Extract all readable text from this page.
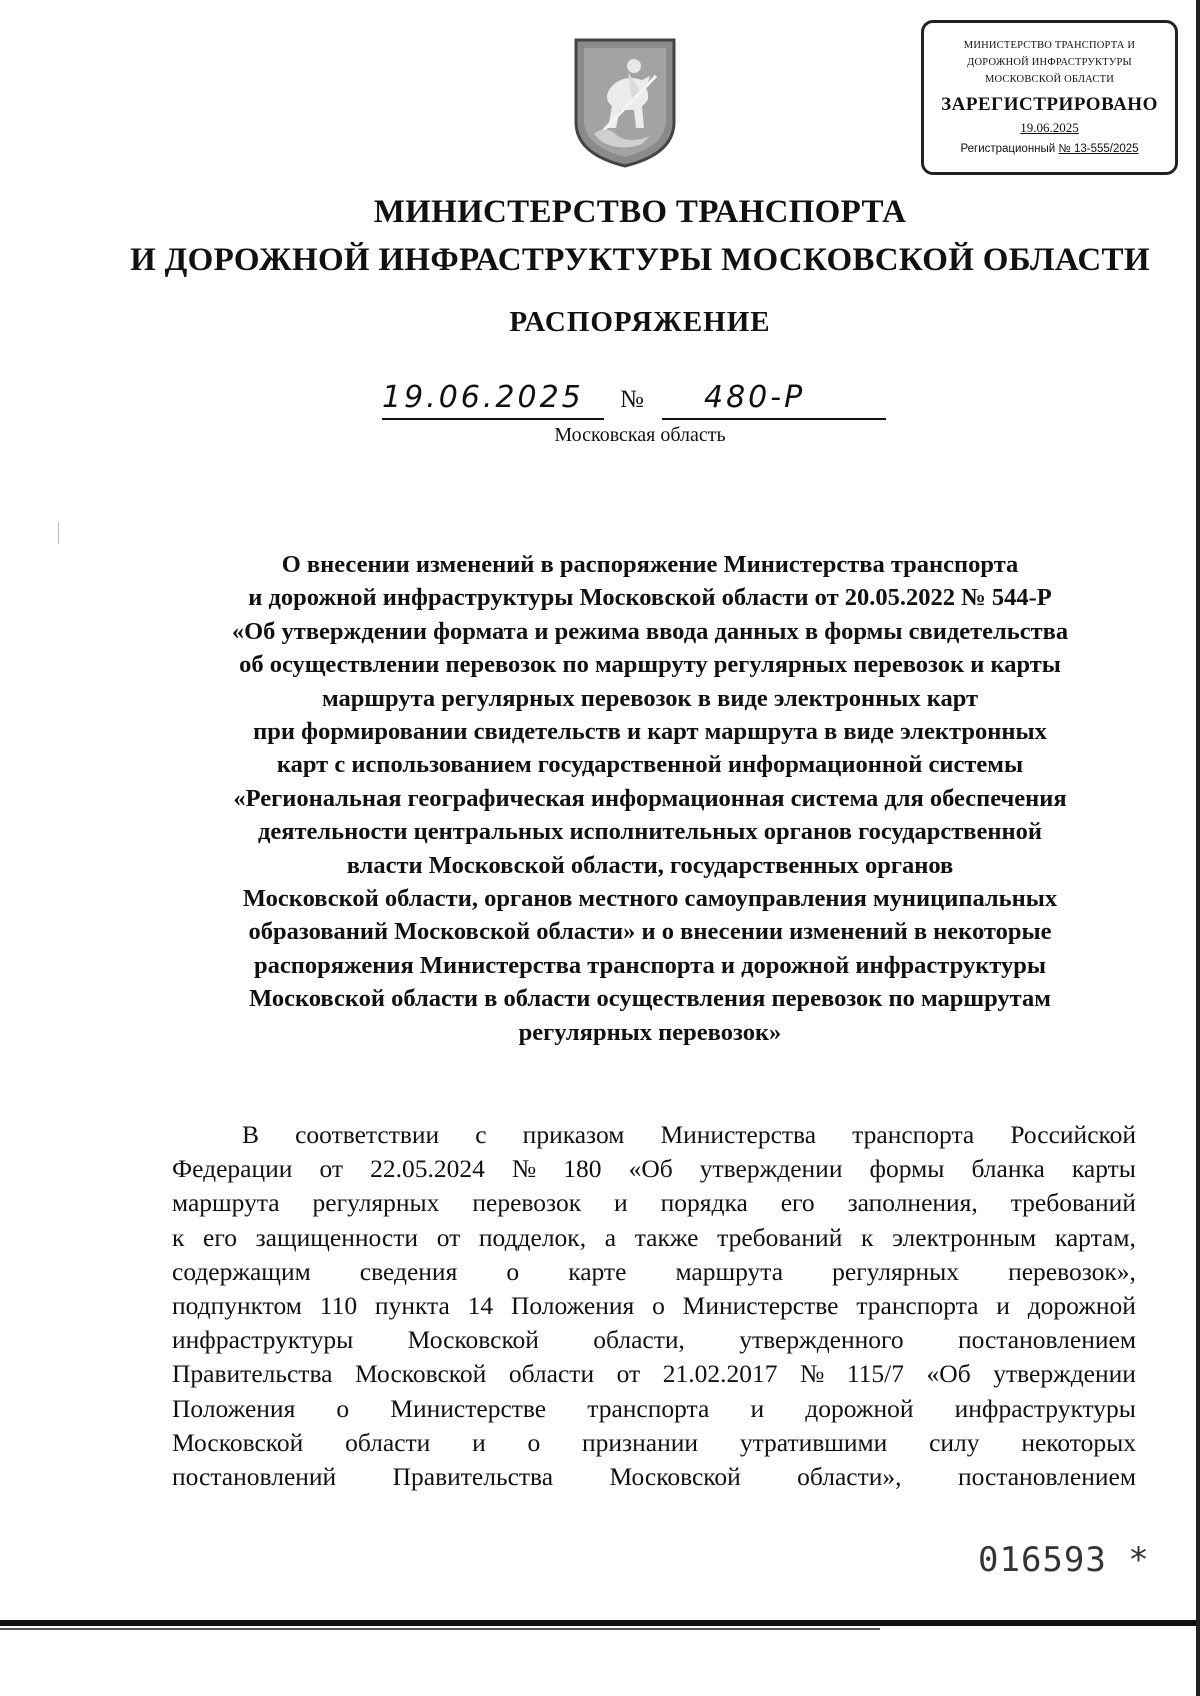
МИНИСТЕРСТВО ТРАНСПОРТА И
ДОРОЖНОЙ ИНФРАСТРУКТУРЫ
МОСКОВСКОЙ ОБЛАСТИ
ЗАРЕГИСТРИРОВАНО
19.06.2025
Регистрационный № 13-555/2025
МИНИСТЕРСТВО ТРАНСПОРТА
И ДОРОЖНОЙ ИНФРАСТРУКТУРЫ МОСКОВСКОЙ ОБЛАСТИ
РАСПОРЯЖЕНИЕ
19.06.2025 № 480-Р
Московская область
О внесении изменений в распоряжение Министерства транспорта
и дорожной инфраструктуры Московской области от 20.05.2022 № 544-Р
«Об утверждении формата и режима ввода данных в формы свидетельства
об осуществлении перевозок по маршруту регулярных перевозок и карты
маршрута регулярных перевозок в виде электронных карт
при формировании свидетельств и карт маршрута в виде электронных
карт с использованием государственной информационной системы
«Региональная географическая информационная система для обеспечения
деятельности центральных исполнительных органов государственной
власти Московской области, государственных органов
Московской области, органов местного самоуправления муниципальных
образований Московской области» и о внесении изменений в некоторые
распоряжения Министерства транспорта и дорожной инфраструктуры
Московской области в области осуществления перевозок по маршрутам
регулярных перевозок»
В соответствии с приказом Министерства транспорта Российской
Федерации от 22.05.2024 № 180 «Об утверждении формы бланка карты
маршрута регулярных перевозок и порядка его заполнения, требований
к его защищенности от подделок, а также требований к электронным картам,
содержащим сведения о карте маршрута регулярных перевозок»,
подпунктом 110 пункта 14 Положения о Министерстве транспорта и дорожной
инфраструктуры Московской области, утвержденного постановлением
Правительства Московской области от 21.02.2017 № 115/7 «Об утверждении
Положения о Министерстве транспорта и дорожной инфраструктуры
Московской области и о признании утратившими силу некоторых
постановлений Правительства Московской области», постановлением
016593 *
